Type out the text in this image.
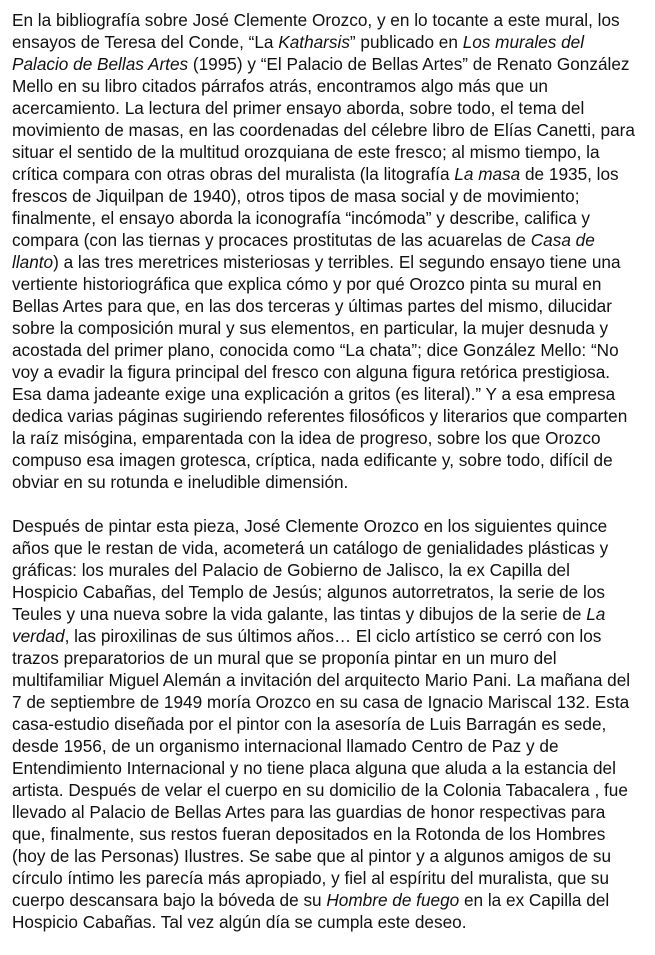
En la bibliografía sobre José Clemente Orozco, y en lo tocante a este mural, los
ensayos de Teresa del Conde, “La Katharsis” publicado en Los murales del
Palacio de Bellas Artes (1995) y “El Palacio de Bellas Artes” de Renato González
Mello en su libro citados párrafos atrás, encontramos algo más que un
acercamiento. La lectura del primer ensayo aborda, sobre todo, el tema del
movimiento de masas, en las coordenadas del célebre libro de Elías Canetti, para
situar el sentido de la multitud orozquiana de este fresco; al mismo tiempo, la
crítica compara con otras obras del muralista (la litografía La masa de 1935, los
frescos de Jiquilpan de 1940), otros tipos de masa social y de movimiento;
finalmente, el ensayo aborda la iconografía “incómoda” y describe, califica y
compara (con las tiernas y procaces prostitutas de las acuarelas de Casa de
llanto) a las tres meretrices misteriosas y terribles. El segundo ensayo tiene una
vertiente historiográfica que explica cómo y por qué Orozco pinta su mural en
Bellas Artes para que, en las dos terceras y últimas partes del mismo, dilucidar
sobre la composición mural y sus elementos, en particular, la mujer desnuda y
acostada del primer plano, conocida como “La chata”; dice González Mello: “No
voy a evadir la figura principal del fresco con alguna figura retórica prestigiosa.
Esa dama jadeante exige una explicación a gritos (es literal).” Y a esa empresa
dedica varias páginas sugiriendo referentes filosóficos y literarios que comparten
la raíz misógina, emparentada con la idea de progreso, sobre los que Orozco
compuso esa imagen grotesca, críptica, nada edificante y, sobre todo, difícil de
obviar en su rotunda e ineludible dimensión.
Después de pintar esta pieza, José Clemente Orozco en los siguientes quince
años que le restan de vida, acometerá un catálogo de genialidades plásticas y
gráficas: los murales del Palacio de Gobierno de Jalisco, la ex Capilla del
Hospicio Cabañas, del Templo de Jesús; algunos autorretratos, la serie de los
Teules y una nueva sobre la vida galante, las tintas y dibujos de la serie de La
verdad, las piroxilinas de sus últimos años… El ciclo artístico se cerró con los
trazos preparatorios de un mural que se proponía pintar en un muro del
multifamiliar Miguel Alemán a invitación del arquitecto Mario Pani. La mañana del
7 de septiembre de 1949 moría Orozco en su casa de Ignacio Mariscal 132. Esta
casa-estudio diseñada por el pintor con la asesoría de Luis Barragán es sede,
desde 1956, de un organismo internacional llamado Centro de Paz y de
Entendimiento Internacional y no tiene placa alguna que aluda a la estancia del
artista. Después de velar el cuerpo en su domicilio de la Colonia Tabacalera , fue
llevado al Palacio de Bellas Artes para las guardias de honor respectivas para
que, finalmente, sus restos fueran depositados en la Rotonda de los Hombres
(hoy de las Personas) Ilustres. Se sabe que al pintor y a algunos amigos de su
círculo íntimo les parecía más apropiado, y fiel al espíritu del muralista, que su
cuerpo descansara bajo la bóveda de su Hombre de fuego en la ex Capilla del
Hospicio Cabañas. Tal vez algún día se cumpla este deseo.
